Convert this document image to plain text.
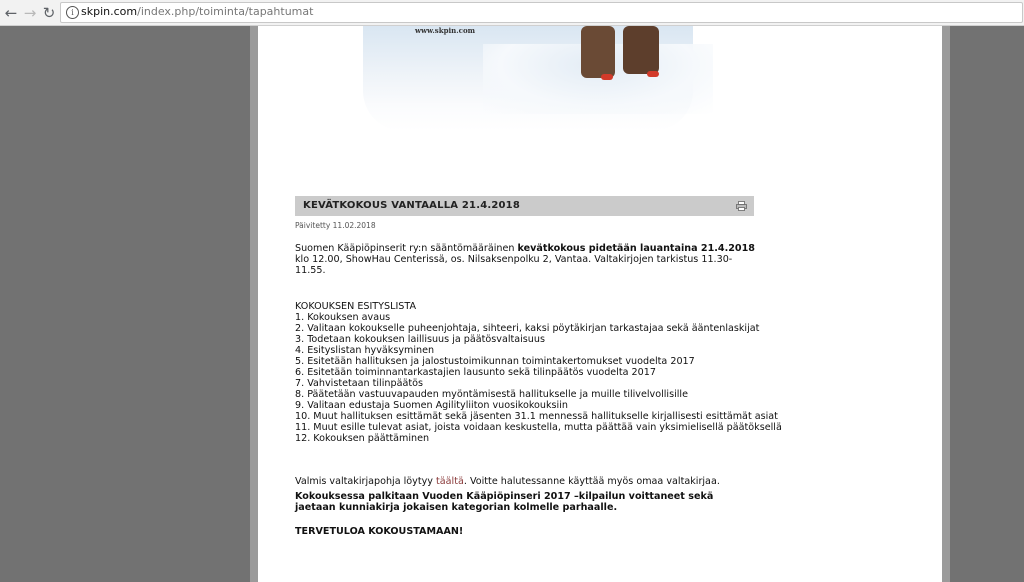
← → ↻	i skpin.com/index.php/toiminta/tapahtumat
www.skpin.com
KEVÄTKOKOUS VANTAALLA 21.4.2018
Päivitetty 11.02.2018

Suomen Kääpiöpinserit ry:n sääntömääräinen kevätkokous pidetään lauantaina 21.4.2018 klo 12.00, ShowHau Centerissä, os. Nilsaksenpolku 2, Vantaa. Valtakirjojen tarkistus 11.30-11.55.

KOKOUKSEN ESITYSLISTA

1. Kokouksen avaus
2. Valitaan kokoukselle puheenjohtaja, sihteeri, kaksi pöytäkirjan tarkastajaa sekä ääntenlaskijat
3. Todetaan kokouksen laillisuus ja päätösvaltaisuus
4. Esityslistan hyväksyminen
5. Esitetään hallituksen ja jalostustoimikunnan toimintakertomukset vuodelta 2017
6. Esitetään toiminnantarkastajien lausunto sekä tilinpäätös vuodelta 2017
7. Vahvistetaan tilinpäätös
8. Päätetään vastuuvapauden myöntämisestä hallitukselle ja muille tilivelvollisille
9. Valitaan edustaja Suomen Agilityliiton vuosikokouksiin
10. Muut hallituksen esittämät sekä jäsenten 31.1 mennessä hallitukselle kirjallisesti esittämät asiat
11. Muut esille tulevat asiat, joista voidaan keskustella, mutta päättää vain yksimielisellä päätöksellä
12. Kokouksen päättäminen

Valmis valtakirjapohja löytyy täältä. Voitte halutessanne käyttää myös omaa valtakirjaa.

Kokouksessa palkitaan Vuoden Kääpiöpinseri 2017 –kilpailun voittaneet sekä jaetaan kunniakirja jokaisen kategorian kolmelle parhaalle.

TERVETULOA KOKOUSTAMAAN!
